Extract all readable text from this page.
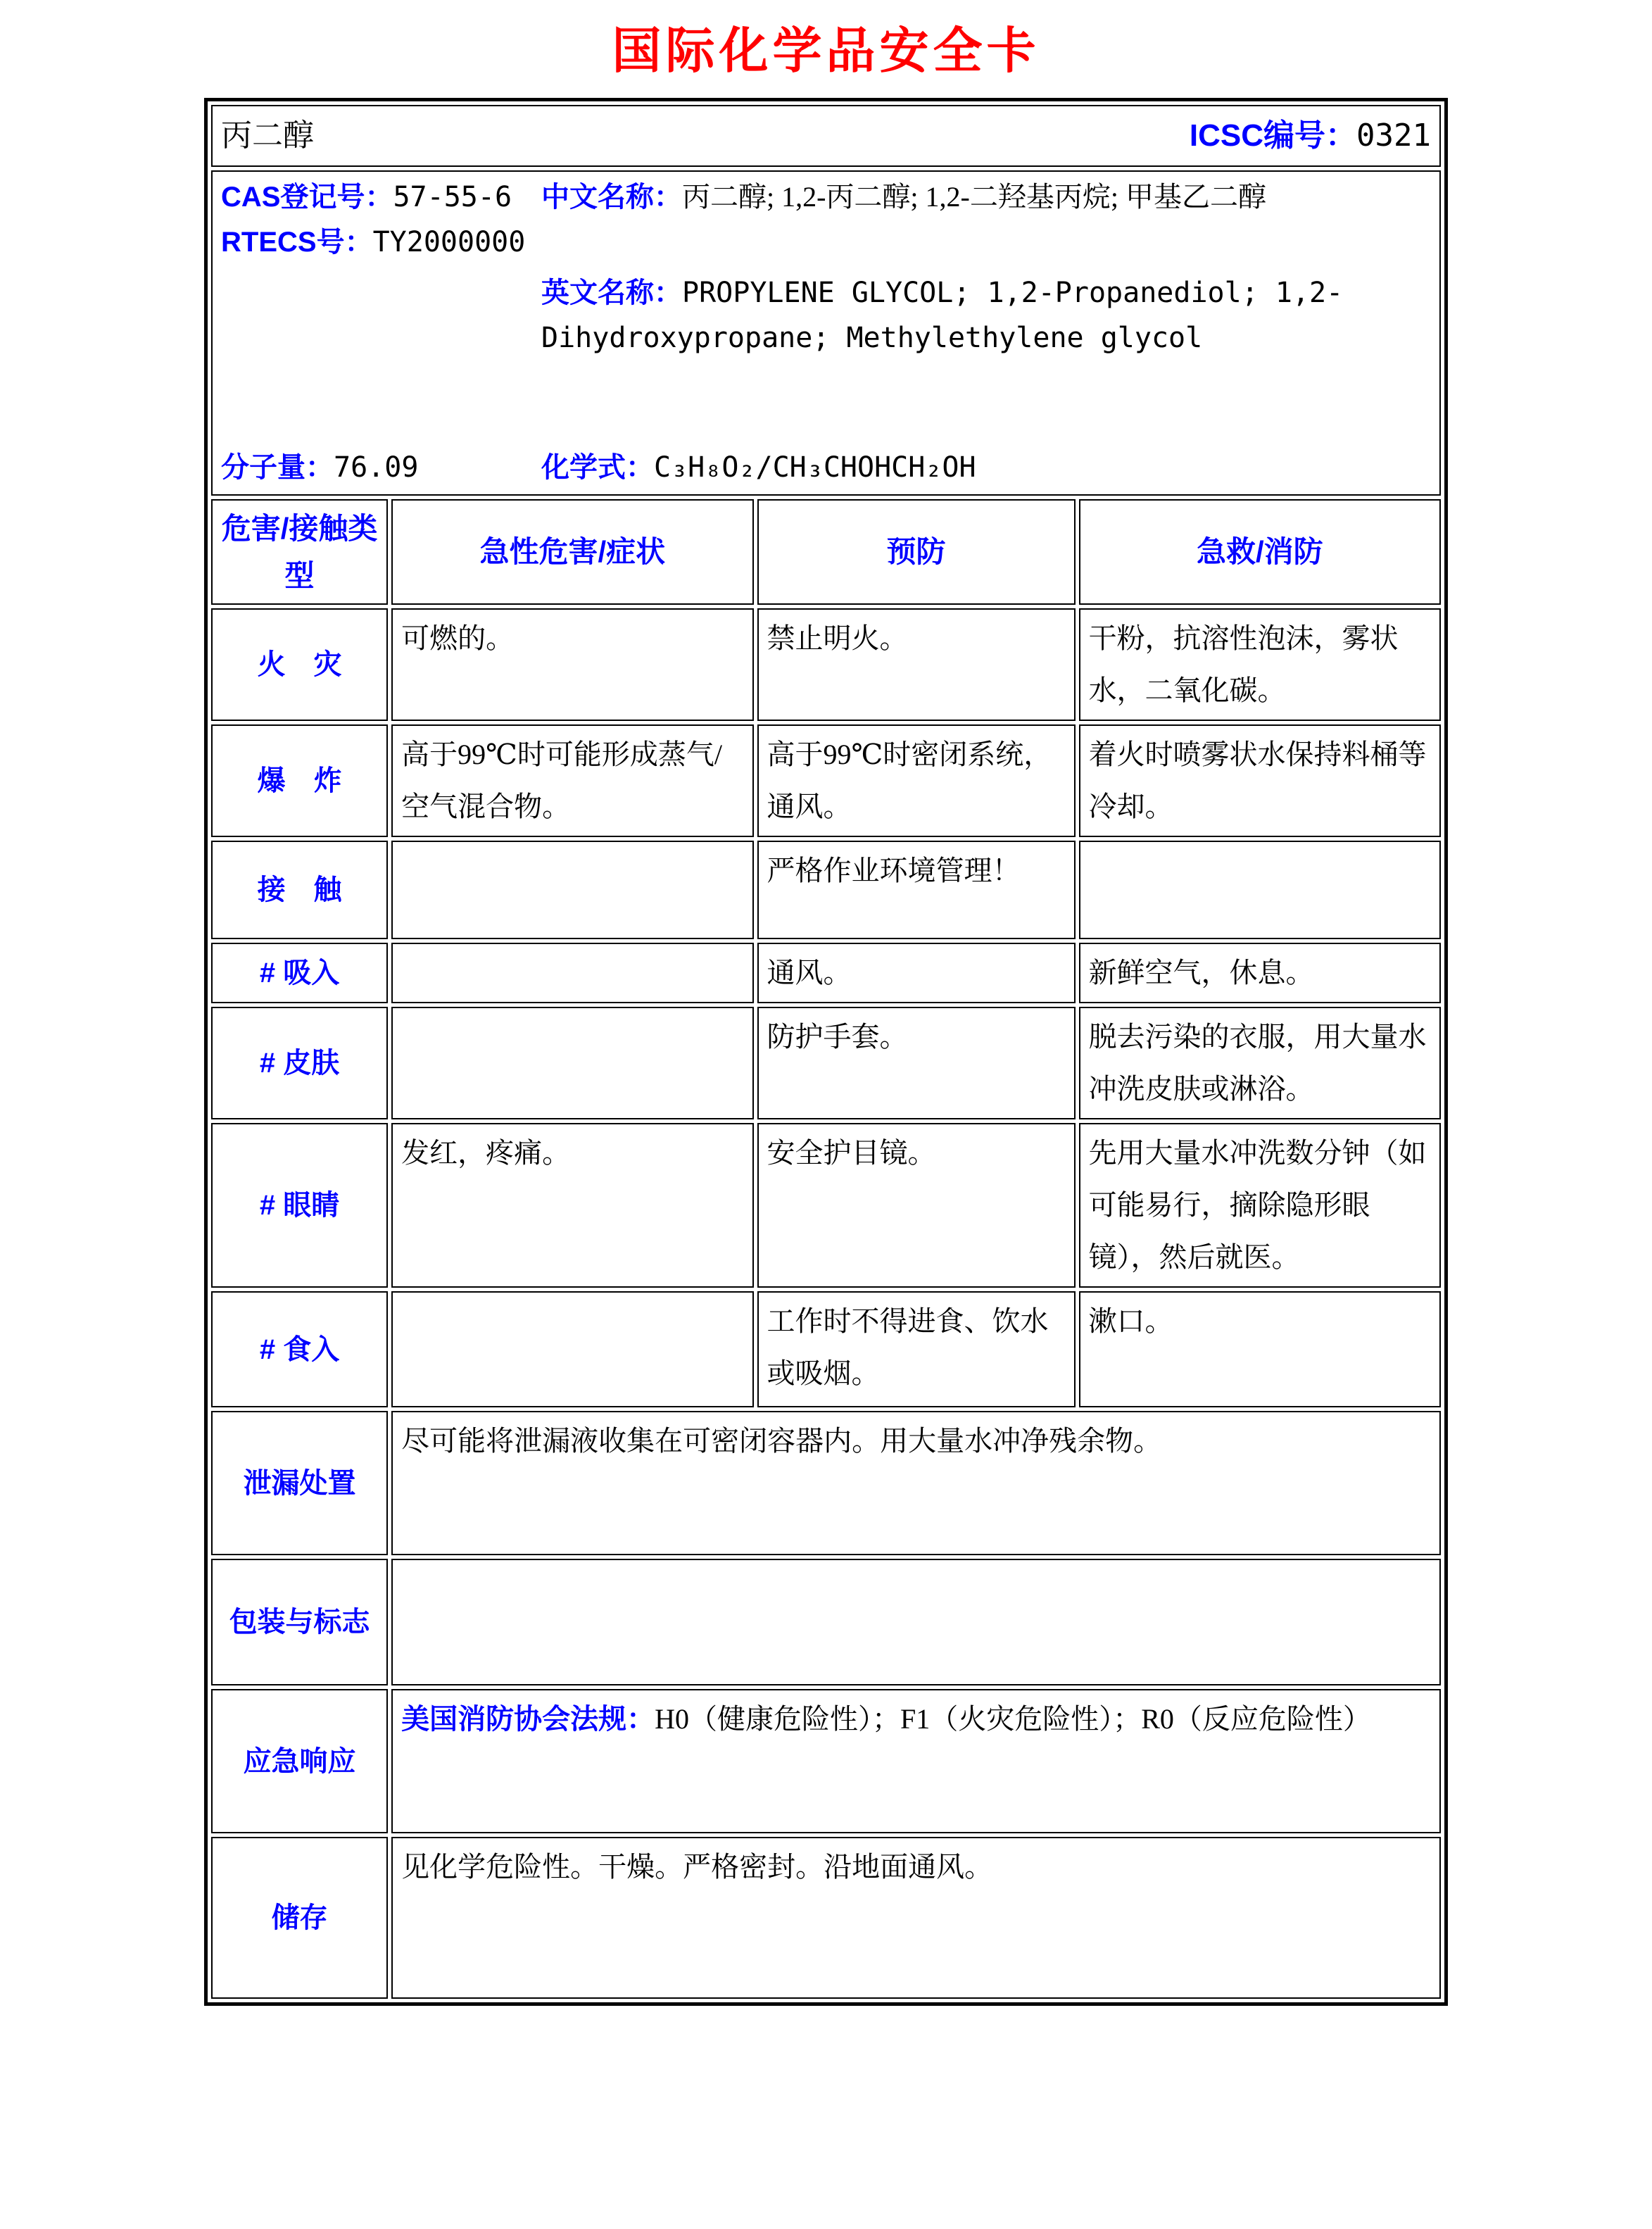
国际化学品安全卡
丙二醇 ICSC编号：0321			

CAS登记号：57-55-6

RTECS号：TY2000000

分子量：76.09

中文名称：丙二醇; 1,2-丙二醇; 1,2-二羟基丙烷; 甲基乙二醇

英文名称：PROPYLENE GLYCOL; 1,2-Propanediol; 1,2-Dihydroxypropane; Methylethylene glycol

化学式：C₃H₈O₂/CH₃CHOHCH₂OH

危害/接触类型	急性危害/症状	预防	急救/消防
火　灾	可燃的。	禁止明火。	干粉，抗溶性泡沫，雾状水，二氧化碳。
爆　炸	高于99℃时可能形成蒸气/空气混合物。	高于99℃时密闭系统，通风。	着火时喷雾状水保持料桶等冷却。
接　触		严格作业环境管理！	
# 吸入		通风。	新鲜空气，休息。
# 皮肤		防护手套。	脱去污染的衣服，用大量水冲洗皮肤或淋浴。
# 眼睛	发红，疼痛。	安全护目镜。	先用大量水冲洗数分钟（如可能易行，摘除隐形眼镜），然后就医。
# 食入		工作时不得进食、饮水或吸烟。	漱口。
泄漏处置	尽可能将泄漏液收集在可密闭容器内。用大量水冲净残余物。		
包装与标志			
应急响应	美国消防协会法规：H0（健康危险性）；F1（火灾危险性）；R0（反应危险性）		
储存	见化学危险性。干燥。严格密封。沿地面通风。		
